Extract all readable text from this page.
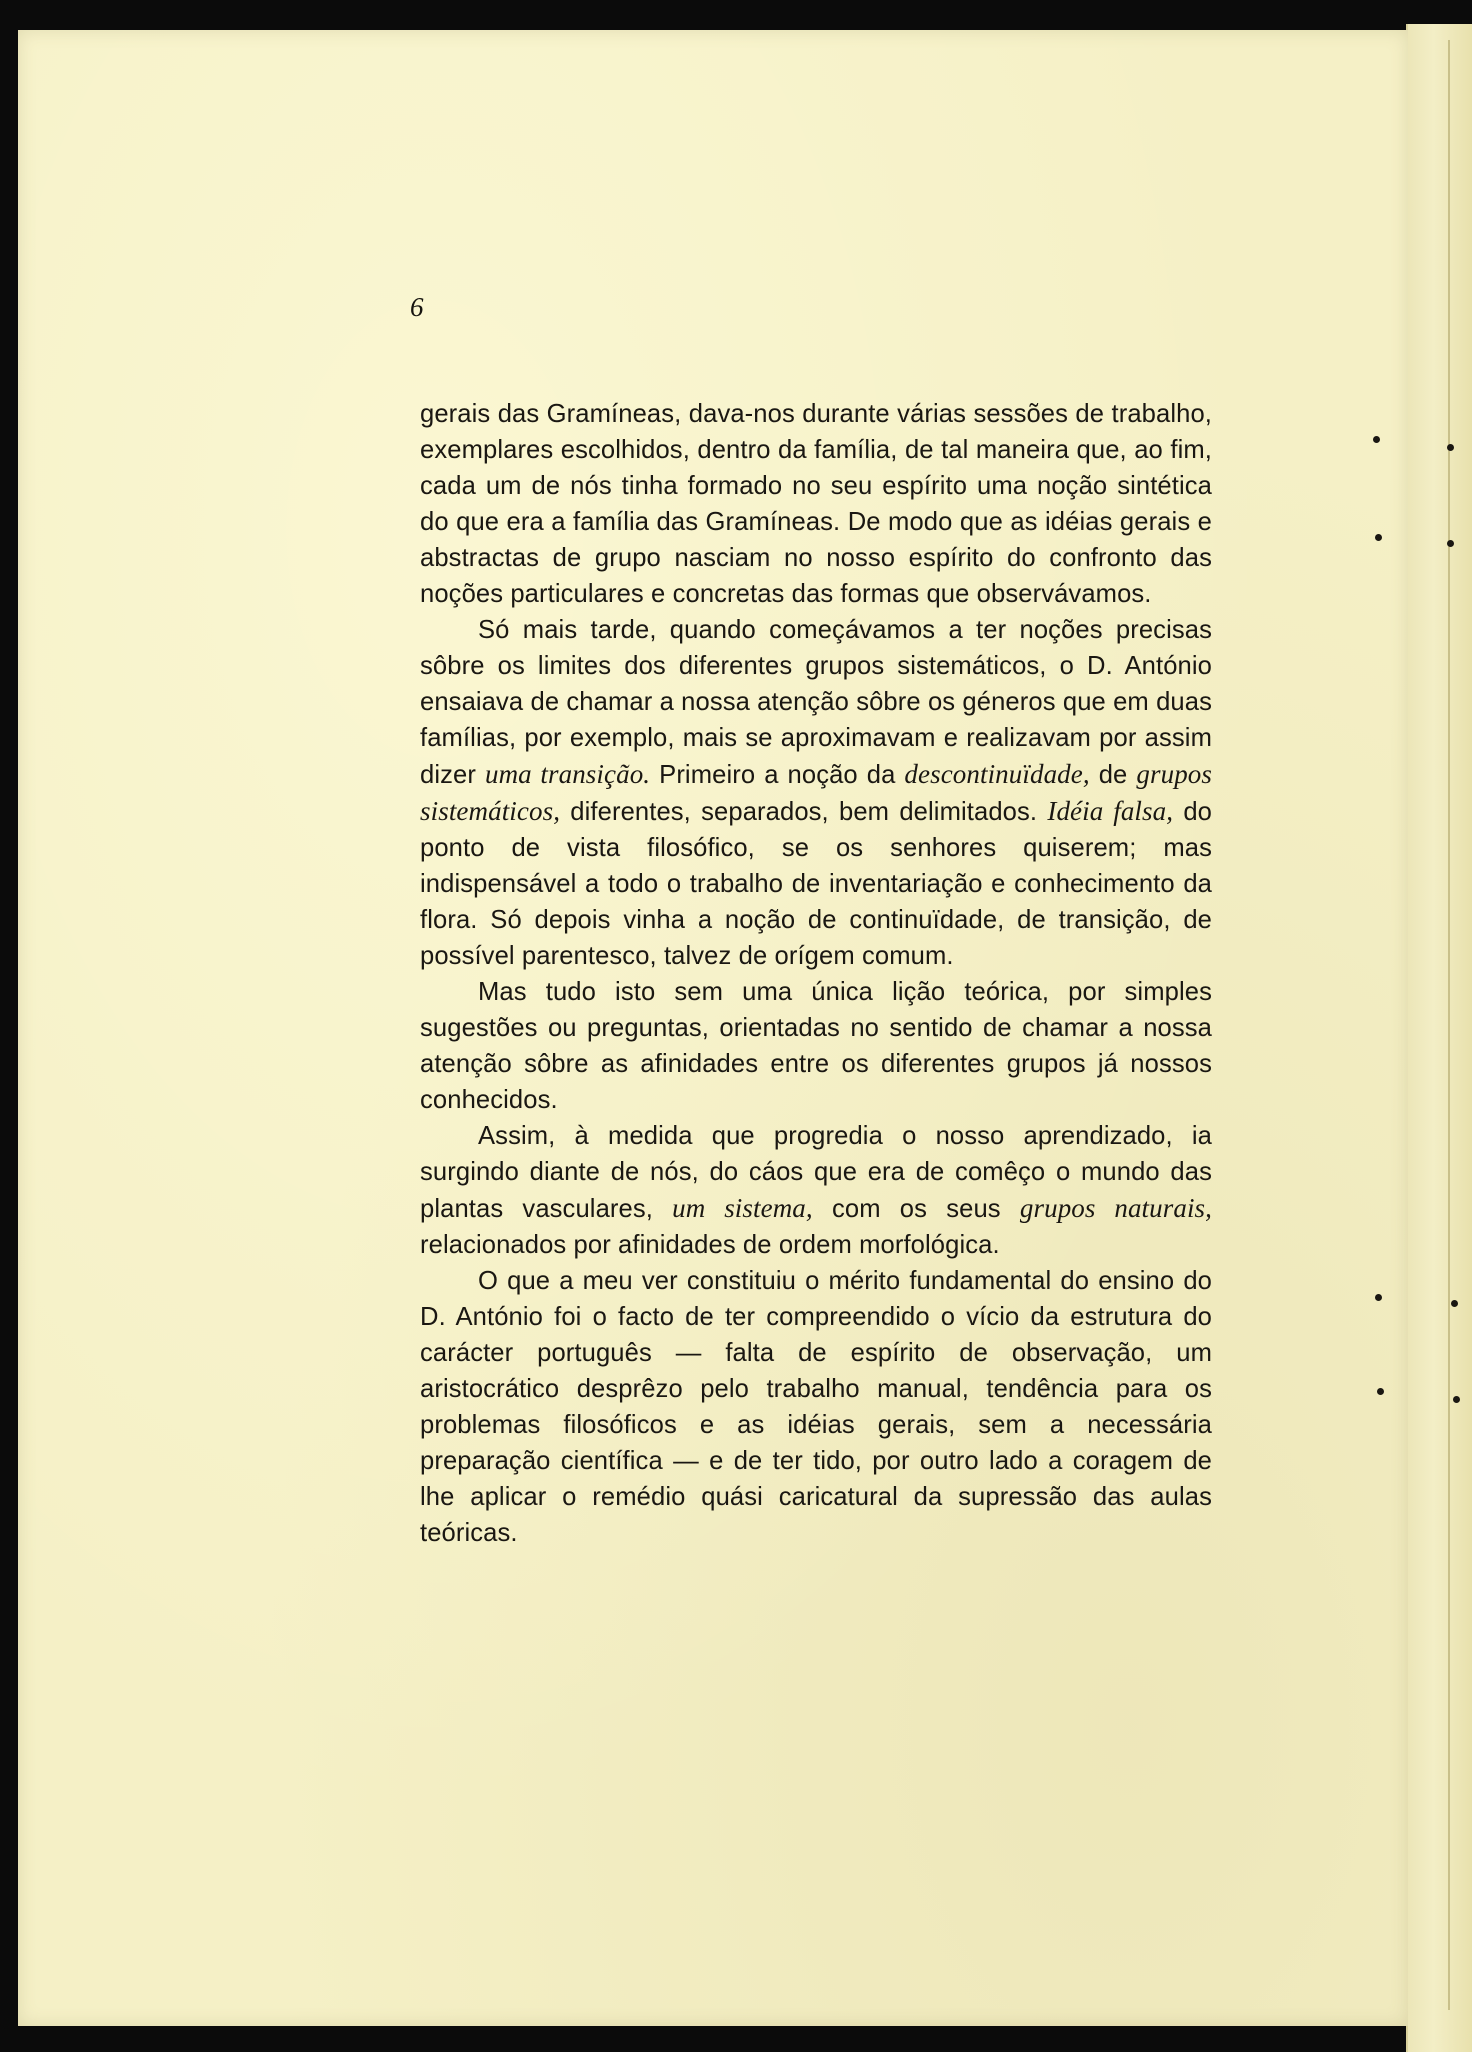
6

gerais das Gramíneas, dava-nos durante várias sessões de trabalho, exemplares escolhidos, dentro da família, de tal maneira que, ao fim, cada um de nós tinha formado no seu espírito uma noção sintética do que era a família das Gramíneas. De modo que as idéias gerais e abstractas de grupo nasciam no nosso espírito do confronto das noções particulares e concretas das formas que observávamos.

Só mais tarde, quando começávamos a ter noções precisas sôbre os limites dos diferentes grupos sistemáticos, o D. António ensaiava de chamar a nossa atenção sôbre os géneros que em duas famílias, por exemplo, mais se aproximavam e realizavam por assim dizer uma transição. Primeiro a noção da descontinuïdade, de grupos sistemáticos, diferentes, separados, bem delimitados. Idéia falsa, do ponto de vista filosófico, se os senhores quiserem; mas indispensável a todo o trabalho de inventariação e conhecimento da flora. Só depois vinha a noção de continuïdade, de transição, de possível parentesco, talvez de orígem comum.

Mas tudo isto sem uma única lição teórica, por simples sugestões ou preguntas, orientadas no sentido de chamar a nossa atenção sôbre as afinidades entre os diferentes grupos já nossos conhecidos.

Assim, à medida que progredia o nosso aprendizado, ia surgindo diante de nós, do cáos que era de comêço o mundo das plantas vasculares, um sistema, com os seus grupos naturais, relacionados por afinidades de ordem morfológica.

O que a meu ver constituiu o mérito fundamental do ensino do D. António foi o facto de ter compreendido o vício da estrutura do carácter português — falta de espírito de observação, um aristocrático desprêzo pelo trabalho manual, tendência para os problemas filosóficos e as idéias gerais, sem a necessária preparação científica — e de ter tido, por outro lado a coragem de lhe aplicar o remédio quási caricatural da supressão das aulas teóricas.
